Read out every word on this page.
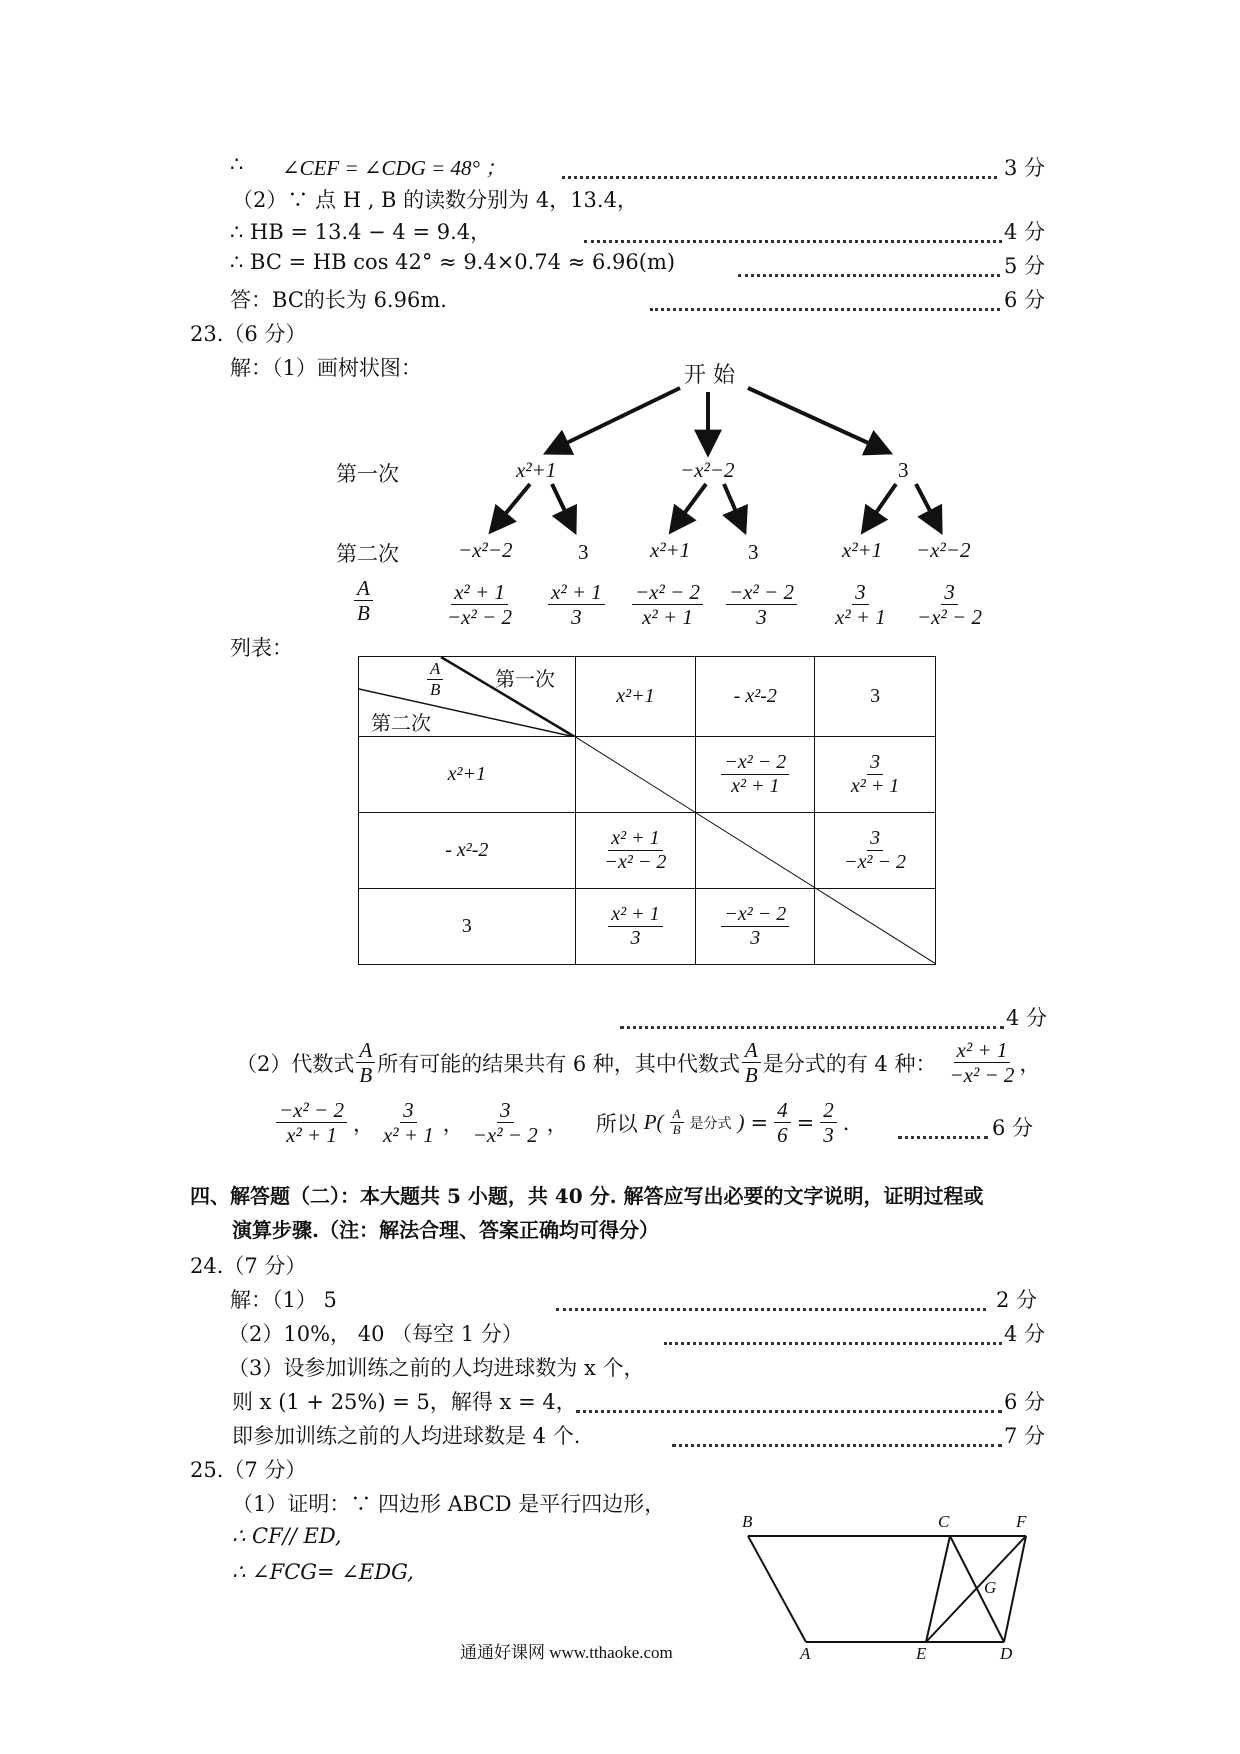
∴ ∠CEF = ∠CDG = 48° ；	3 分
（2）∵ 点 H , B 的读数分别为 4，13.4，
∴ HB = 13.4 − 4 = 9.4，	4 分
∴ BC = HB cos 42° ≈ 9.4×0.74 ≈ 6.96(m)	5 分
答：BC的长为 6.96m.	6 分
23.（6 分）
解：（1）画树状图：	开 始
第一次	x²+1	−x²−2	3
第二次	−x²−2	3	x²+1	3	x²+1 −x²−2
$\frac{A}{B}$	$\frac{\text{x² + 1}}{\text{−x² − 2}} \frac{\text{x² + 1}}{3} \frac{\text{−x² − 2}}{\text{x² + 1}} \frac{\text{−x² − 2}}{3} \frac{3}{\text{x² + 1}} \frac{3}{\text{−x² − 2}}$
列表：
$\frac{A}{B}$ 第一次
第二次	x²+1	- x²-2	3
x²+1		$\frac{\text{−x² − 2}}{\text{x² + 1}}$	$\frac{3}{\text{x² + 1}}$

- x²-2	$\frac{\text{x² + 1}}{\text{−x² − 2}}$		$\frac{3}{\text{−x² − 2}}$

3	$\frac{\text{x² + 1}}{3}$	$\frac{\text{−x² − 2}}{3}$

4 分
（2）代数式 $\frac{A}{B}$ 所有可能的结果共有 6 种，其中代数式 $\frac{A}{B}$ 是分式的有 4 种： $\frac{\text{x² + 1}}{\text{−x² − 2}}$ ，
$\frac{\text{−x² − 2}}{\text{x² + 1}}$ ， $\frac{3}{\text{x² + 1}}$ ， $\frac{3}{\text{−x² − 2}}$ ， 所以 $P( \frac{A}{B}$ 是分式 ) = $\frac{4}{6} = \frac{2}{3}$ .	6 分
四、解答题（二）：本大题共 5 小题，共 40 分. 解答应写出必要的文字说明，证明过程或
演算步骤.（注：解法合理、答案正确均可得分）
24.（7 分）
解：（1） 5	2 分
（2）10%， 40 （每空 1 分）	4 分
（3）设参加训练之前的人均进球数为 x 个，
则 x (1 + 25%) = 5，解得 x = 4，	6 分
即参加训练之前的人均进球数是 4 个.	7 分
25.（7 分）
（1）证明：∵ 四边形 ABCD 是平行四边形，
∴ CF// ED,
∴ ∠FCG= ∠EDG,
B	C	F
G
A	E	D
通通好课网 www.tthaoke.com
